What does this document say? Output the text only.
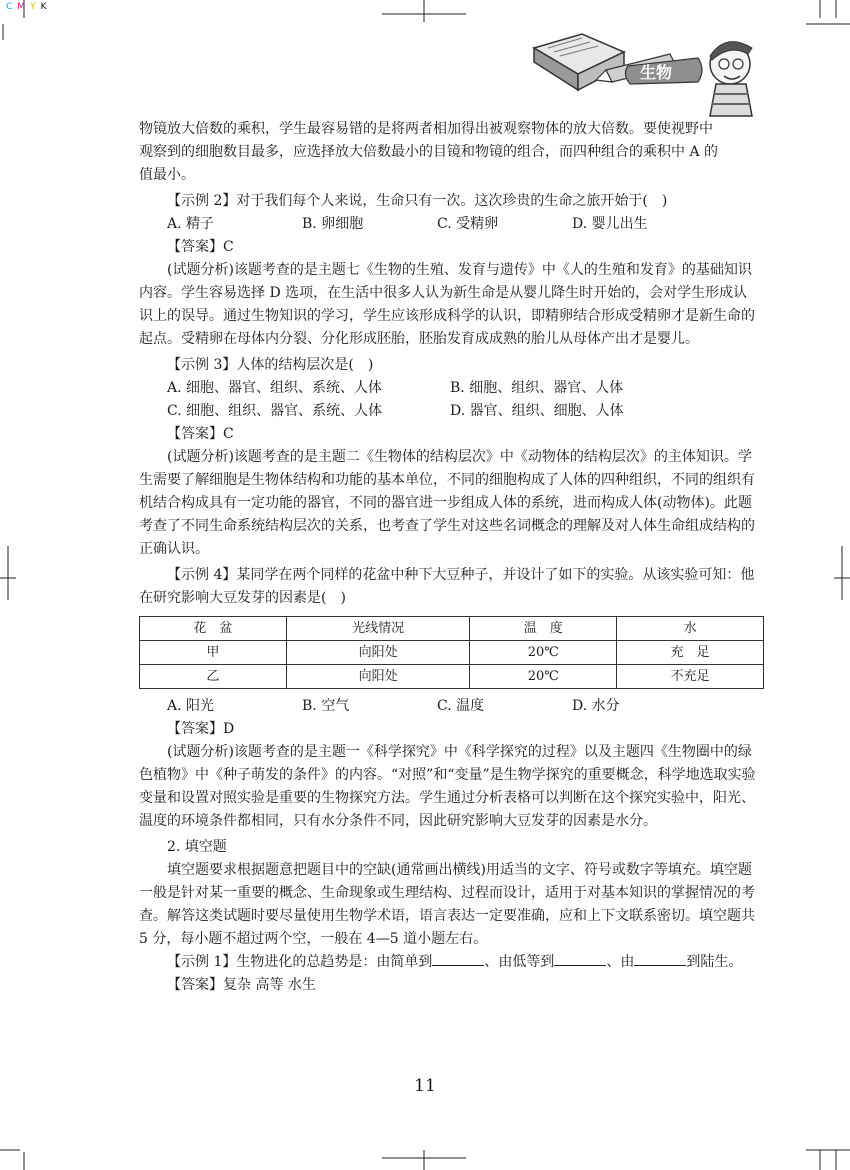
C M Y K
生物

物镜放大倍数的乘积，学生最容易错的是将两者相加得出被观察物体的放大倍数。要使视野中

观察到的细胞数目最多，应选择放大倍数最小的目镜和物镜的组合，而四种组合的乘积中 A 的

值最小。

【示例 2】对于我们每个人来说，生命只有一次。这次珍贵的生命之旅开始于(　)

A. 精子	B. 卵细胞	C. 受精卵	D. 婴儿出生

【答案】C

(试题分析)该题考查的是主题七《生物的生殖、发育与遗传》中《人的生殖和发育》的基础知识内容。学生容易选择 D 选项，在生活中很多人认为新生命是从婴儿降生时开始的，会对学生形成认识上的误导。通过生物知识的学习，学生应该形成科学的认识，即精卵结合形成受精卵才是新生命的起点。受精卵在母体内分裂、分化形成胚胎，胚胎发育成成熟的胎儿从母体产出才是婴儿。

【示例 3】人体的结构层次是(　)

A. 细胞、器官、组织、系统、人体	B. 细胞、组织、器官、人体
C. 细胞、组织、器官、系统、人体	D. 器官、组织、细胞、人体

【答案】C

(试题分析)该题考查的是主题二《生物体的结构层次》中《动物体的结构层次》的主体知识。学生需要了解细胞是生物体结构和功能的基本单位，不同的细胞构成了人体的四种组织，不同的组织有机结合构成具有一定功能的器官，不同的器官进一步组成人体的系统，进而构成人体(动物体)。此题考查了不同生命系统结构层次的关系，也考查了学生对这些名词概念的理解及对人体生命组成结构的正确认识。

【示例 4】某同学在两个同样的花盆中种下大豆种子，并设计了如下的实验。从该实验可知：他在研究影响大豆发芽的因素是(　)

花　盆	光线情况	温　度	水
甲	向阳处	20℃	充　足
乙	向阳处	20℃	不充足
A. 阳光	B. 空气	C. 温度	D. 水分

【答案】D

(试题分析)该题考查的是主题一《科学探究》中《科学探究的过程》以及主题四《生物圈中的绿色植物》中《种子萌发的条件》的内容。“对照”和“变量”是生物学探究的重要概念，科学地选取实验变量和设置对照实验是重要的生物探究方法。学生通过分析表格可以判断在这个探究实验中，阳光、温度的环境条件都相同，只有水分条件不同，因此研究影响大豆发芽的因素是水分。

2. 填空题

填空题要求根据题意把题目中的空缺(通常画出横线)用适当的文字、符号或数字等填充。填空题一般是针对某一重要的概念、生命现象或生理结构、过程而设计，适用于对基本知识的掌握情况的考查。解答这类试题时要尽量使用生物学术语，语言表达一定要准确，应和上下文联系密切。填空题共 5 分，每小题不超过两个空，一般在 4—5 道小题左右。

【示例 1】生物进化的总趋势是：由简单到	、由低等到	、由	到陆生。

【答案】复杂 高等 水生

11
